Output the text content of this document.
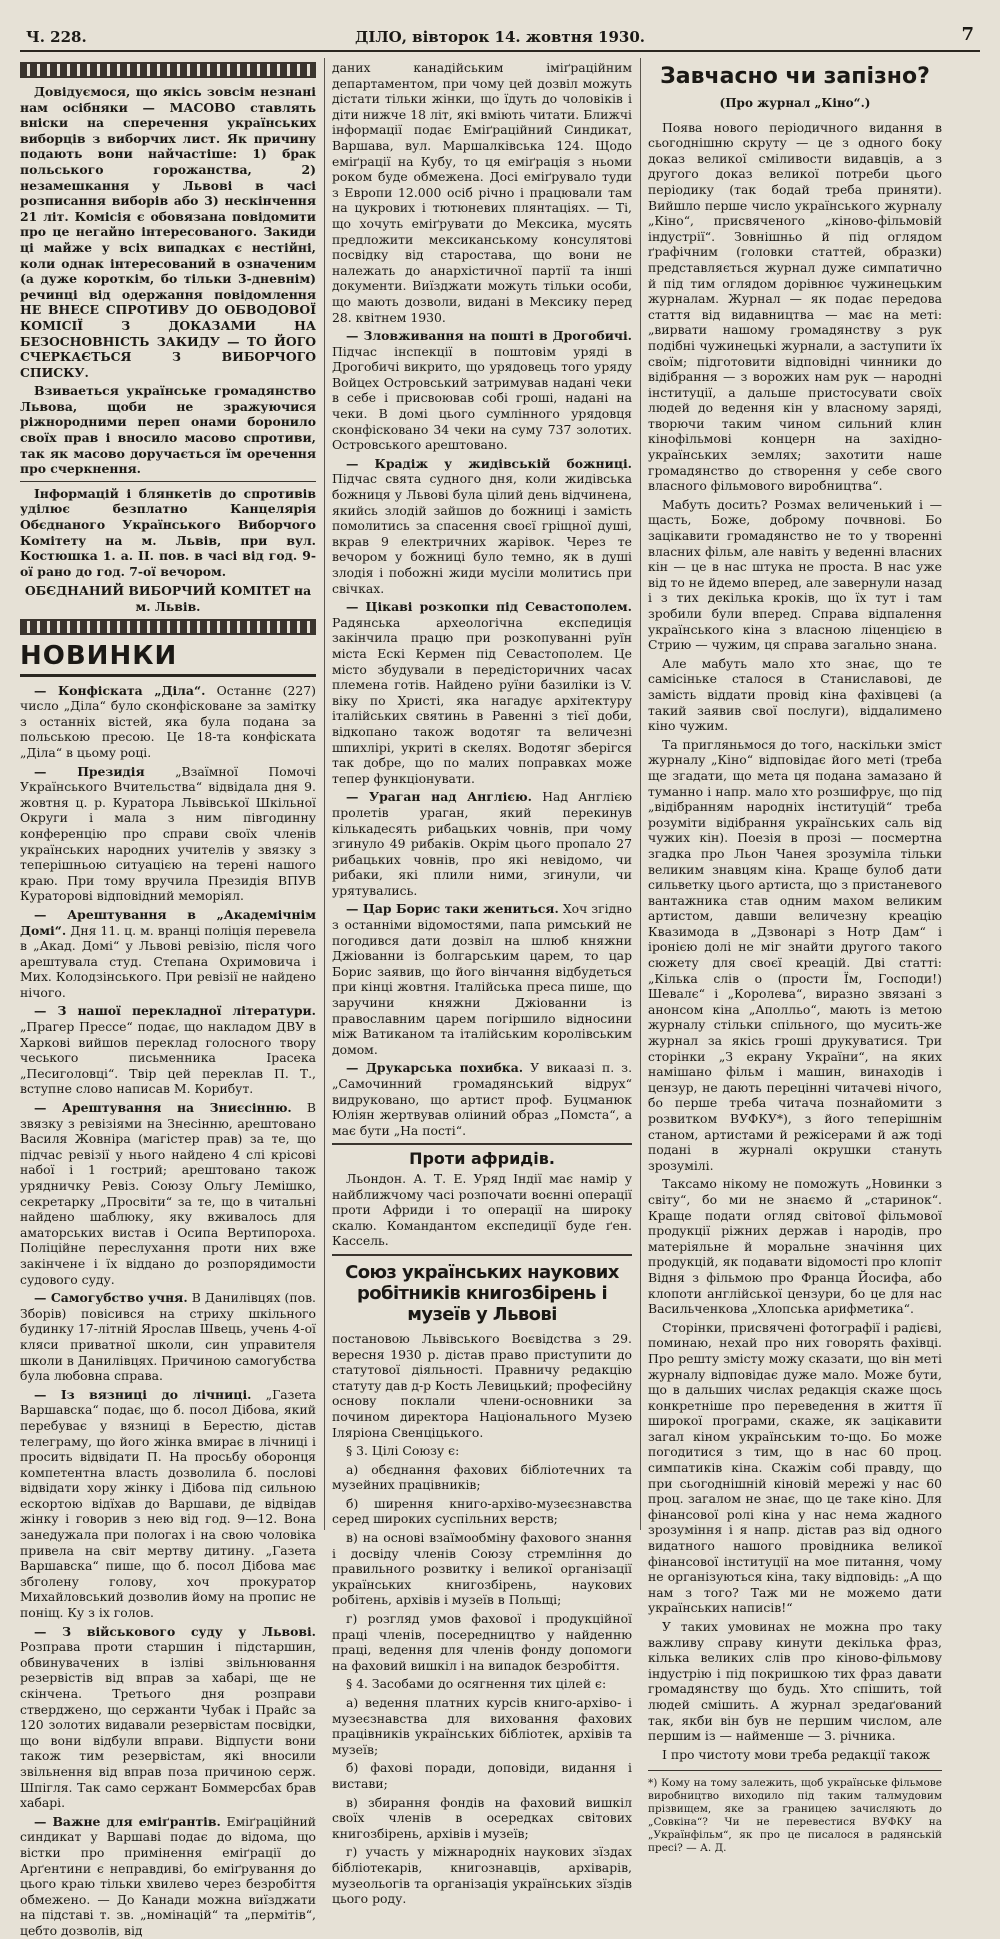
Ч. 228.	ДІЛО, вівторок 14. жовтня 1930.	7

Довідуємося, що якісь зовсім незнані нам осібняки — МАСОВО ставлять вніски на сперечення українських виборців з виборчих лист. Як причину подають вони найчастіше: 1) брак польського горожанства, 2) незамешкання у Львові в часі розписання виборів або 3) нескінчення 21 літ. Комісія є обовязана повідомити про це негайно інтересованого. Закиди ці майже у всіх випадках є нестійні, коли однак інтересований в означеним (а дуже короткім, бо тільки 3-дневнім) речинці від одержання повідомлення НЕ ВНЕСЕ СПРОТИВУ ДО ОБВОДОВОЇ КОМІСІЇ З ДОКАЗАМИ НА БЕЗОСНОВНІСТЬ ЗАКИДУ — ТО ЙОГО СЧЕРКАЄТЬСЯ З ВИБОРЧОГО СПИСКУ.

Взиваеться українське громадянство Львова, щоби не зражуючися ріжнородними переп онами боронило своїх прав і вносило масово спротиви, так як масово доручається їм оречення про счеркнення.

Інформацій і блянкетів до спротивів уділює безплатно Канцелярія Обєднаного Українського Виборчого Комітету на м. Львів, при вул. Костюшка 1. a. II. пов. в часі від год. 9-ої рано до год. 7-ої вечором.

ОБЄДНАНИЙ ВИБОРЧИЙ КОМІТЕТ на м. Львів.

НОВИНКИ

— Конфіската „Діла“. Останнє (227) число „Діла“ було сконфісковане за замітку з останніх вістей, яка була подана за польською пресою. Це 18-та конфіската „Діла“ в цьому році.

— Президія „Взаїмної Помочі Українського Вчительства“ відвідала дня 9. жовтня ц. р. Куратора Львівської Шкільної Округи і мала з ним півгодинну конференцію про справи своїх членів українських народних учителів у звязку з теперішньою ситуацією на терені нашого краю. При тому вручила Президія ВПУВ Кураторові відповідний меморіял.

— Арештування в „Академічнім Домі“. Дня 11. ц. м. вранці поліція перевела в „Акад. Домі“ у Львові ревізію, після чого арештувала студ. Степана Охримовича і Мих. Колодзінського. При ревізії не найдено нічого.

— З нашої перекладної літератури. „Прагер Прессе“ подає, що накладом ДВУ в Харкові вийшов переклад голосного твору чеського письменника Ірасека „Песиголовці“. Твір цей переклав П. Т., вступне слово написав М. Корибут.

— Арештування на Зниєсінню. В звязку з ревізіями на Знесінню, арештовано Василя Жовніра (магістер прав) за те, що підчас ревізії у нього найдено 4 слі крісові набої і 1 гострий; арештовано також урядничку Ревіз. Союзу Ольгу Лемішко, секретарку „Просвіти“ за те, що в читальні найдено шаблюку, яку вживалось для аматорських вистав і Осипа Вертипороха. Поліційне переслухання проти них вже закінчене і їх віддано до розпорядимости судового суду.

— Самогубство учня. В Данилівцях (пов. Зборів) повісився на стриху шкільного будинку 17-літній Ярослав Швець, учень 4-ої кляси приватної школи, син управителя школи в Данилівцях. Причиною самогубства була любовна справа.

— Із вязниці до лічниці. „Газета Варшавска“ подає, що б. посол Дібова, який перебуває у вязниці в Берестю, дістав телеграму, що його жінка вмирає в лічниці і просить відвідати П. На просьбу оборонця компетентна власть дозволила б. послові відвідати хору жінку і Дібова під сильною ескортою відїхав до Варшави, де відвідав жінку і говорив з нею від год. 9—12. Вона занедужала при пологах і на свою чоловіка привела на світ мертву дитину. „Газета Варшавска“ пише, що б. посол Дібова має збголену голову, хоч прокуратор Михайловський дозволив йому на пропис не поніщ. Ку з іх голов.

— З військового суду у Львові. Розправа проти старшин і підстаршин, обвинувачених в ізліві звільнювання резервістів від вправ за хабарі, ще не скінчена. Третього дня розправи стверджено, що сержанти Чубак і Прайс за 120 золотих видавали резервістам посвідки, що вони відбули вправи. Відпусти вони також тим резервістам, які вносили звільнення від вправ поза причиною серж. Шпігля. Так само сержант Боммерсбах брав хабарі.

— Важне для еміґрантів. Еміґраційний синдикат у Варшаві подає до відома, що вістки про примінення еміґрації до Арґентини є неправдиві, бо еміґрування до цього краю тільки хвилево через безробіття обмежено. — До Канади можна виїзджати на підставі т. зв. „номінацій“ та „пермітів“, цебто дозволів, від

даних канадійським іміґраційним департаментом, при чому цей дозвіл можуть дістати тільки жінки, що їдуть до чоловіків і діти нижче 18 літ, які вміють читати. Ближчі інформації подає Еміґраційний Синдикат, Варшава, вул. Маршалківська 124. Щодо еміґрації на Кубу, то ця еміґрація з ньоми роком буде обмежена. Досі еміґрувало туди з Европи 12.000 осіб річно і працювали там на цукрових і тютюневих плянтаціях. — Ті, що хочуть еміґрувати до Мексика, мусять предложити мексиканському консулятові посвідку від старостава, що вони не належать до анархістичної партії та інші документи. Виїзджати можуть тільки особи, що мають дозволи, видані в Мексику перед 28. квітнем 1930.

— Зловживання на пошті в Дрогобичі. Підчас інспекції в поштовім уряді в Дрогобичі викрито, що урядовець того уряду Войцех Островський затримував надані чеки в себе і присвоював собі гроші, надані на чеки. В домі цього сумлінного урядовця сконфісковано 34 чеки на суму 737 золотих. Островського арештовано.

— Крадіж у жидівській божниці. Підчас свята судного дня, коли жидівська божниця у Львові була цілий день відчинена, якийсь злодій зайшов до божниці і замість помолитись за спасення своєї гріщної душі, вкрав 9 електричних жарівок. Через те вечором у божниці було темно, як в душі злодія і побожні жиди мусіли молитись при свічках.

— Цікаві розкопки під Севастополем. Радянська археологічна експедиція закінчила працю при розкопуванні руїн міста Ескі Кермен під Севастополем. Це місто збудували в передісторичних часах племена готів. Найдено руїни базиліки із V. віку по Христі, яка нагадує архітектуру італійських святинь в Равенні з тієї доби, відкопано також водотяг та величезні шпихлірі, укриті в скелях. Водотяг зберігся так добре, що по малих поправках може тепер функціонувати.

— Ураган над Англією. Над Англією пролетів ураган, який перекинув кількадесять рибацьких човнів, при чому згинуло 49 рибаків. Окрім цього пропало 27 рибацьких човнів, про які невідомо, чи рибаки, які плили ними, згинули, чи урятувались.

— Цар Борис таки жениться. Хоч згідно з останніми відомостями, папа римський не погодився дати дозвіл на шлюб княжни Джіованни із болгарським царем, то цар Борис заявив, що його вінчання відбудеться при кінці жовтня. Італійська преса пише, що заручини княжни Джіованни із православним царем погіршило відносини між Ватиканом та італійським королівським домом.

— Друкарська похибка. У викаазі п. з. „Самочинний громадянський відрух“ видруковано, що артист проф. Буцманюк Юліян жертвував оліиний образ „Помста“, а має бути „На пості“.

Проти афридів.

Льондон. А. Т. Е. Уряд Індії має намір у найближчому часі розпочати воєнні операції проти Африди і то операції на широку скалю. Командантом експедиції буде ґен. Кассель.

Союз українських наукових робітників книгозбірень і музеїв у Львові

постановою Львівського Воєвідства з 29. вересня 1930 р. дістав право приступити до статутової діяльності. Правничу редакцію статуту дав д-р Кость Левицький; професійну основу поклали члени-основники за почином директора Національного Музею Іляріона Свенціцького.

§ 3. Цілі Союзу є:

а) обєднання фахових бібліотечних та музейних працівників;

б) ширення книго-архіво-музеєзнавства серед широких суспільних верств;

в) на основі взаїмообміну фахового знання і досвіду членів Союзу стремління до правильного розвитку і великої організації українських книгозбірень, наукових робітень, архівів і музеїв в Польщі;

г) розгляд умов фахової і продукційної праці членів, посередництво у найденню праці, ведення для членів фонду допомоги на фаховий вишкіл і на випадок безробіття.

§ 4. Засобами до осягнення тих цілей є:

а) ведення платних курсів книго-архіво- і музеєзнавства для виховання фахових працівників українських бібліотек, архівів та музеїв;

б) фахові поради, доповіди, видання і вистави;

в) збирання фондів на фаховий вишкіл своїх членів в осередках світових книгозбірень, архівів і музеїв;

г) участь у міжнародніх наукових зїздах бібліотекарів, книгознавців, архіварів, музеольогів та організація українських зїздів цього роду.

Завчасно чи запізно?

(Про журнал „Кіно“.)

Поява нового періодичного видання в сьогоднішню скруту — це з одного боку доказ великої сміливости видавців, а з другого доказ великої потреби цього періодику (так бодай треба приняти). Вийшло перше число українського журналу „Кіно“, присвяченого „кіново-фільмовій індустрії“. Зовнішньо й під оглядом ґрафічним (головки статтей, образки) представляється журнал дуже симпатично й під тим оглядом дорівнює чужинецьким журналам. Журнал — як подає передова стаття від видавництва — має на меті: „вирвати нашому громадянству з рук подібні чужинецькі журнали, а заступити їх своїм; підготовити відповідні чинники до відібрання — з ворожих нам рук — народні інституції, а дальше пристосувати своїх людей до ведення кін у власному заряді, творючи таким чином сильний клин кінофільмові концерн на західно-українських землях; захотити наше громадянство до створення у себе свого власного фільмового виробництва“.

Мабуть досить? Розмах величенький і — щасть, Боже, доброму почвнові. Бо зацікавити громадянство не то у творенні власних фільм, але навіть у веденні власних кін — це в нас штука не проста. В нас уже від то не йдемо вперед, але завернули назад і з тих декілька кроків, що їх тут і там зробили були вперед. Справа відпалення українського кіна з власною ліценцією в Стрию — чужим, ця справа загально знана.

Але мабуть мало хто знає, що те самісіньке сталося в Станиславові, де замість віддати провід кіна фахівцеві (а такий заявив свої послуги), віддалимено кіно чужим.

Та пригляньмося до того, наскільки зміст журналу „Кіно“ відповідає його меті (треба ще згадати, що мета ця подана замазано й туманно і напр. мало хто розшифрує, що під „відібранням народніх інституцій“ треба розуміти відібрання українських саль від чужих кін). Поезія в прозі — посмертна згадка про Льон Чанея зрозуміла тільки великим знавцям кіна. Краще булоб дати сильветку цього артиста, що з пристаневого вантажника став одним махом великим артистом, давши величезну креацію Квазимода в „Дзвонарі з Нотр Дам“ і іронією долі не міг знайти другого такого сюжету для своєї креацій. Дві статті: „Кілька слів о (прости Їм, Господи!) Шевалє“ і „Королева“, виразно звязані з анонсом кіна „Аполльо“, мають із метою журналу стільки спільного, що мусить-же журнал за якісь гроші друкуватися. Три сторінки „З екрану України“, на яких намішано фільм і машин, винаходів і цензур, не дають перецінні читачеві нічого, бо перше треба читача познайомити з розвитком ВУФКУ*), з його теперішнім станом, артистами й режісерами й аж тоді подані в журналі окрушки стануть зрозумілі.

Таксамо нікому не поможуть „Новинки з світу“, бо ми не знаємо й „старинок“. Краще подати огляд світової фільмової продукції ріжних держав і народів, про матеріяльне й моральне значіння цих продукцій, як подавати відомості про клопіт Відня з фільмою про Франца Йосифа, або клопоти англійської цензури, бо це для нас Васильченкова „Хлопська арифметика“.

Сторінки, присвячені фотографії і радієві, поминаю, нехай про них говорять фахівці. Про решту змісту можу сказати, що він меті журналу відповідає дуже мало. Може бути, що в дальших числах редакція скаже щось конкретніше про переведення в життя її широкої програми, скаже, як зацікавити загал кіном українським то-що. Бо може погодитися з тим, що в нас 60 проц. симпатиків кіна. Скажім собі правду, що при сьогоднішній кіновій мережі у нас 60 проц. загалом не знає, що це таке кіно. Для фінансової ролі кіна у нас нема жадного зрозуміння і я напр. дістав раз від одного видатного нашого провідника великої фінансової інституції на мое питання, чому не організуються кіна, таку відповідь: „А що нам з того? Таж ми не можемо дати українських написів!“

У таких умовинах не можна про таку важливу справу кинути декілька фраз, кілька великих слів про кіново-фільмову індустрію і під покришкою тих фраз давати громадянству що будь. Хто спішить, той людей смішить. А журнал зредаґований так, якби він був не першим числом, але першим із — найменше — 3. річника.

І про чистоту мови треба редакції також

*) Кому на тому залежить, щоб українське фільмове виробництво виходило під таким талмудовим прізвищем, яке за границею зачисляють до „Совкіна“? Чи не перевестися ВУФКУ на „Українфільм“, як про це писалося в радянській пресі? — А. Д.
